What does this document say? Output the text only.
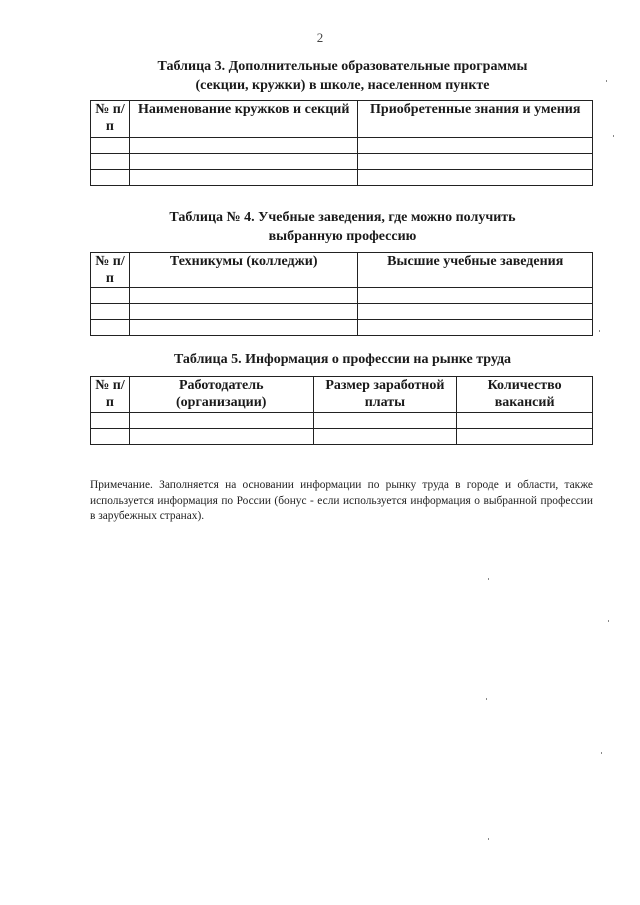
2
Таблица 3. Дополнительные образовательные программы
(секции, кружки) в школе, населенном пункте
№ п/п	Наименование кружков и секций	Приобретенные знания и умения

Таблица № 4. Учебные заведения, где можно получить
выбранную профессию
№ п/п	Техникумы (колледжи)	Высшие учебные заведения

Таблица 5. Информация о профессии на рынке труда
№ п/п	Работодатель (организации)	Размер заработной платы	Количество вакансий

Примечание. Заполняется на основании информации по рынку труда в городе и области, также используется информация по России (бонус - если используется информация о выбранной профессии в зарубежных странах).
